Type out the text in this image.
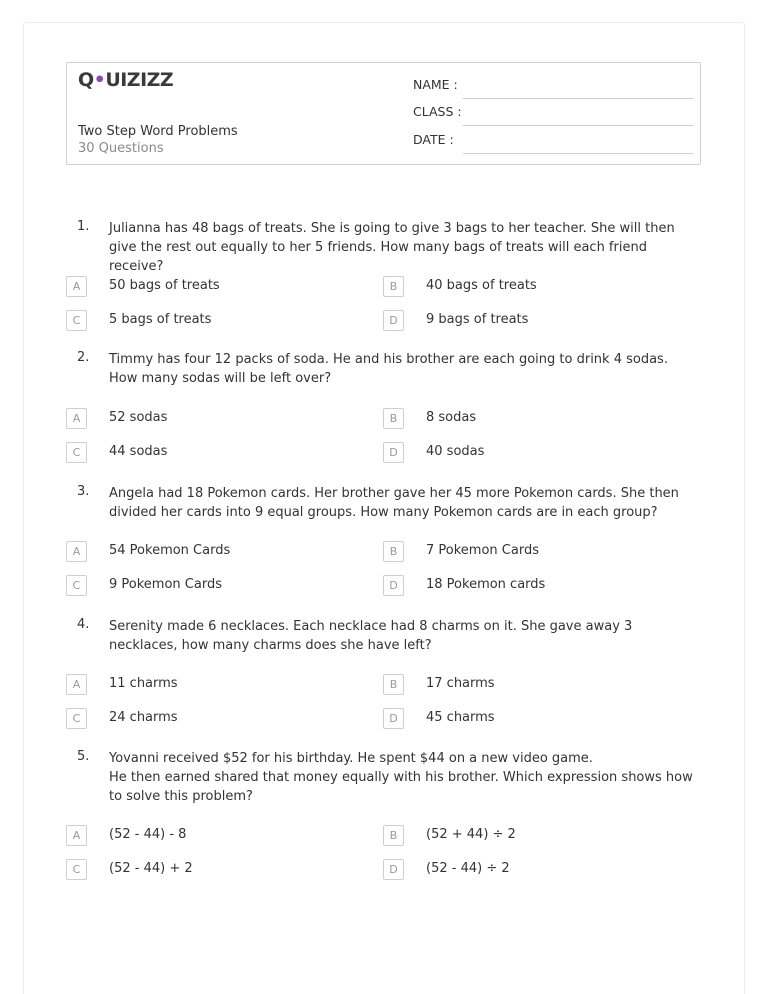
Q•UIZIZZ
Two Step Word Problems
30 Questions
NAME :
CLASS :
DATE :
1. Julianna has 48 bags of treats. She is going to give 3 bags to her teacher. She will then give the rest out equally to her 5 friends. How many bags of treats will each friend receive?
A	50 bags of treats	B	40 bags of treats
C	5 bags of treats	D	9 bags of treats
2. Timmy has four 12 packs of soda. He and his brother are each going to drink 4 sodas. How many sodas will be left over?
A	52 sodas	B	8 sodas
C	44 sodas	D	40 sodas
3. Angela had 18 Pokemon cards. Her brother gave her 45 more Pokemon cards. She then divided her cards into 9 equal groups. How many Pokemon cards are in each group?
A	54 Pokemon Cards	B	7 Pokemon Cards
C	9 Pokemon Cards	D	18 Pokemon cards
4. Serenity made 6 necklaces. Each necklace had 8 charms on it. She gave away 3 necklaces, how many charms does she have left?
A	11 charms	B	17 charms
C	24 charms	D	45 charms
5. Yovanni received $52 for his birthday. He spent $44 on a new video game.
He then earned shared that money equally with his brother. Which expression shows how to solve this problem?
A	(52 - 44) - 8	B	(52 + 44) ÷ 2
C	(52 - 44) + 2	D	(52 - 44) ÷ 2
